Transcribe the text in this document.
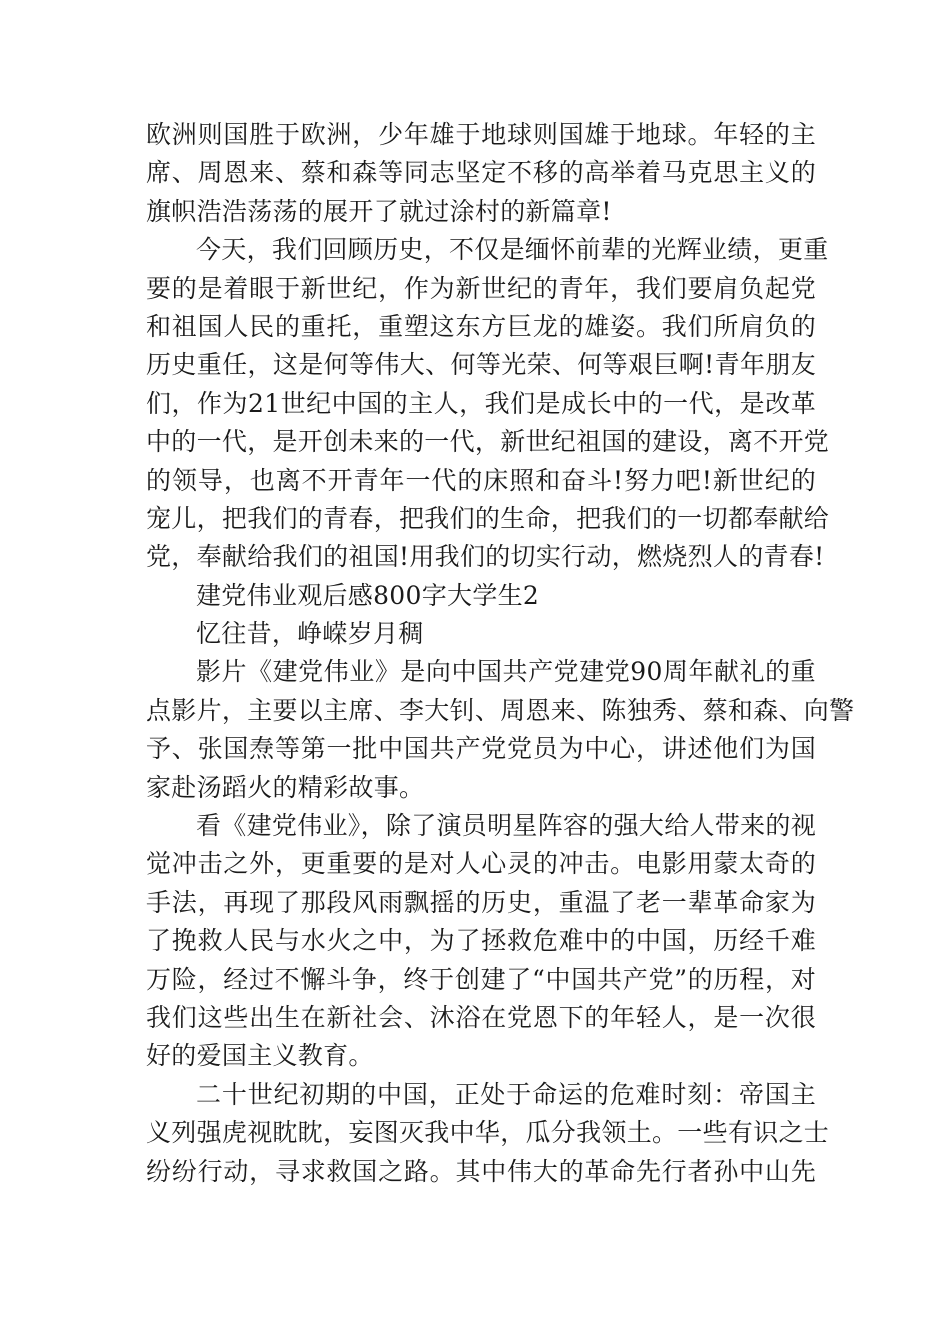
欧洲则国胜于欧洲，少年雄于地球则国雄于地球。年轻的主
席、周恩来、蔡和森等同志坚定不移的高举着马克思主义的
旗帜浩浩荡荡的展开了就过涂村的新篇章!
今天，我们回顾历史，不仅是缅怀前辈的光辉业绩，更重
要的是着眼于新世纪，作为新世纪的青年，我们要肩负起党
和祖国人民的重托，重塑这东方巨龙的雄姿。我们所肩负的
历史重任，这是何等伟大、何等光荣、何等艰巨啊!青年朋友
们，作为21世纪中国的主人，我们是成长中的一代，是改革
中的一代，是开创未来的一代，新世纪祖国的建设，离不开党
的领导，也离不开青年一代的床照和奋斗!努力吧!新世纪的
宠儿，把我们的青春，把我们的生命，把我们的一切都奉献给
党，奉献给我们的祖国!用我们的切实行动，燃烧烈人的青春!
建党伟业观后感800字大学生2
忆往昔，峥嵘岁月稠
影片《建党伟业》是向中国共产党建党90周年献礼的重
点影片，主要以主席、李大钊、周恩来、陈独秀、蔡和森、向警
予、张国焘等第一批中国共产党党员为中心，讲述他们为国
家赴汤蹈火的精彩故事。
看《建党伟业》，除了演员明星阵容的强大给人带来的视
觉冲击之外，更重要的是对人心灵的冲击。电影用蒙太奇的
手法，再现了那段风雨飘摇的历史，重温了老一辈革命家为
了挽救人民与水火之中，为了拯救危难中的中国，历经千难
万险，经过不懈斗争，终于创建了“中国共产党”的历程，对
我们这些出生在新社会、沐浴在党恩下的年轻人，是一次很
好的爱国主义教育。
二十世纪初期的中国，正处于命运的危难时刻：帝国主
义列强虎视眈眈，妄图灭我中华，瓜分我领土。一些有识之士
纷纷行动，寻求救国之路。其中伟大的革命先行者孙中山先
